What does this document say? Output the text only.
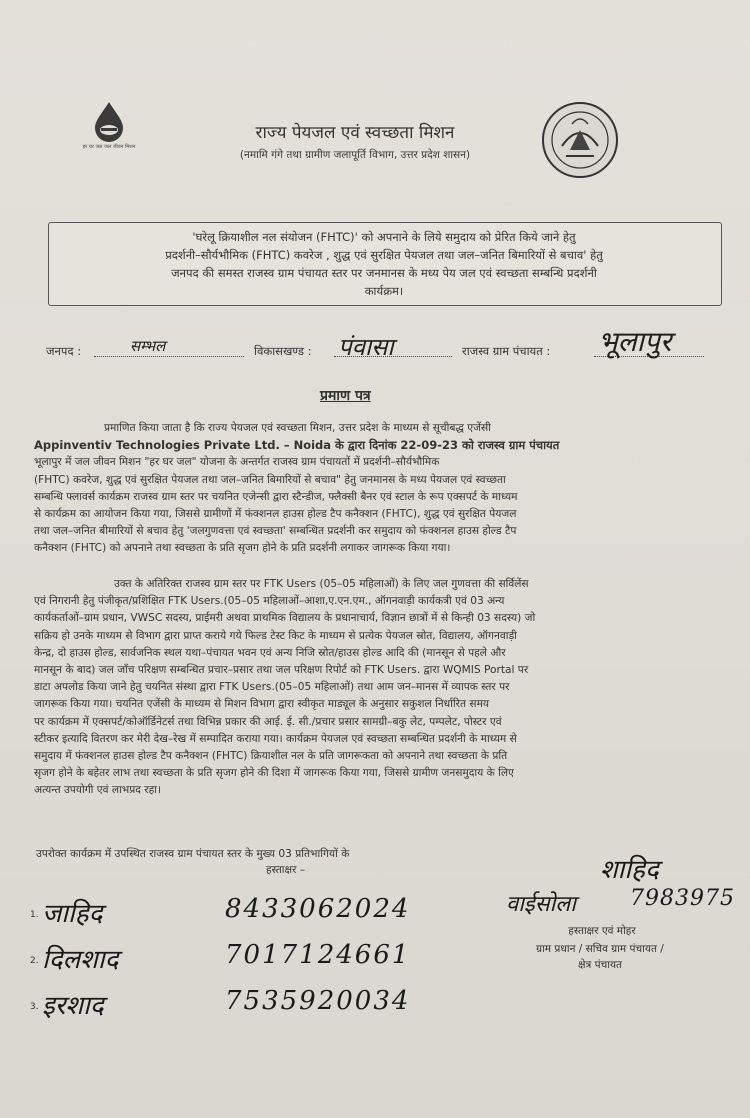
हर घर जल जल जीवन मिशन
राज्य पेयजल एवं स्वच्छता मिशन
(नमामि गंगे तथा ग्रामीण जलापूर्ति विभाग, उत्तर प्रदेश शासन)
'घरेलू क्रियाशील नल संयोजन (FHTC)' को अपनाने के लिये समुदाय को प्रेरित किये जाने हेतु
प्रदर्शनी–सौर्यभौमिक (FHTC) कवरेज , शुद्ध एवं सुरक्षित पेयजल तथा जल–जनित बिमारियों से बचाव' हेतु
जनपद की समस्त राजस्व ग्राम पंचायत स्तर पर जनमानस के मध्य पेय जल एवं स्वच्छता सम्बन्धि प्रदर्शनी
कार्यक्रम।
जनपद :	सम्भल	विकासखण्ड : पंवासा	राजस्व ग्राम पंचायत : भूलापुर
प्रमाण पत्र
प्रमाणित किया जाता है कि राज्य पेयजल एवं स्वच्छता मिशन, उत्तर प्रदेश के माध्यम से सूचीबद्ध एजेंसी
Appinventiv Technologies Private Ltd. – Noida के द्वारा दिनांक 22-09-23 को राजस्व ग्राम पंचायत
भूलापुर में जल जीवन मिशन "हर घर जल" योजना के अन्तर्गत राजस्व ग्राम पंचायतों में प्रदर्शनी–सौर्यभौमिक
(FHTC) कवरेज, शुद्ध एवं सुरक्षित पेयजल तथा जल–जनित बिमारियों से बचाव" हेतु जनमानस के मध्य पेयजल एवं स्वच्छता
सम्बन्धि फ्लावर्स कार्यक्रम राजस्व ग्राम स्तर पर चयनित एजेन्सी द्वारा स्टैन्डीज, फ्लैक्सी बैनर एवं स्टाल के रूप एक्सपर्ट के माध्यम
से कार्यक्रम का आयोजन किया गया, जिससे ग्रामीणों में फंक्शनल हाउस होल्ड टैप कनैक्शन (FHTC), शुद्ध एवं सुरक्षित पेयजल
तथा जल–जनित बीमारियों से बचाव हेतु 'जलगुणवत्ता एवं स्वच्छता' सम्बन्धित प्रदर्शनी कर समुदाय को फंक्शनल हाउस होल्ड टैप
कनैक्शन (FHTC) को अपनाने तथा स्वच्छता के प्रति सृजग होने के प्रति प्रदर्शनी लगाकर जागरूक किया गया।
उक्त के अतिरिक्त राजस्व ग्राम स्तर पर FTK Users (05–05 महिलाओं) के लिए जल गुणवत्ता की सर्विलेंस
एवं निगरानी हेतु पंजीकृत/प्रशिक्षित FTK Users.(05–05 महिलाओं–आशा,ए.एन.एम., ऑगनवाड़ी कार्यकत्री एवं 03 अन्य
कार्यकर्ताओं–ग्राम प्रधान, VWSC सदस्य, प्राईमरी अथवा प्राथमिक विद्यालय के प्रधानाचार्य, विज्ञान छात्रों में से किन्ही 03 सदस्य) जो
सक्रिय हो उनके माध्यम से विभाग द्वारा प्राप्त कराये गये फिल्ड टेस्ट किट के माध्यम से प्रत्येक पेयजल स्रोत, विद्यालय, ऑगनवाड़ी
केन्द्र, दो हाउस होल्ड, सार्वजनिक स्थल यथा–पंचायत भवन एवं अन्य निजि स्रोत/हाउस होल्ड आदि की (मानसून से पहले और
मानसून के बाद) जल जाँच परिक्षण सम्बन्धित प्रचार–प्रसार तथा जल परिक्षण रिपोर्ट को FTK Users. द्वारा WQMIS Portal पर
डाटा अपलोड किया जाने हेतु चयनित संस्था द्वारा FTK Users.(05–05 महिलाओं) तथा आम जन–मानस में व्यापक स्तर पर
जागरूक किया गया। चयनित एजेंसी के माध्यम से मिशन विभाग द्वारा स्वीकृत माड्यूल के अनुसार सकुशल निर्धारित समय
पर कार्यक्रम में एक्सपर्ट/कोऑर्डिनेटर्स तथा विभिन्न प्रकार की आई. ई. सी./प्रचार प्रसार सामग्री–बकु लेट, पम्पलेट, पोस्टर एवं
स्टीकर इत्यादि वितरण कर मेरी देख–रेख में सम्पादित कराया गया। कार्यक्रम पेयजल एवं स्वच्छता सम्बन्धित प्रदर्शनी के माध्यम से
समुदाय में फंक्शनल हाउस होल्ड टैप कनैक्शन (FHTC) क्रियाशील नल के प्रति जागरूकता को अपनाने तथा स्वच्छता के प्रति
सृजग होने के बहेतर लाभ तथा स्वच्छता के प्रति सृजग होने की दिशा में जागरूक किया गया, जिससे ग्रामीण जनसमुदाय के लिए
अत्यन्त उपयोगी एवं लाभप्रद रहा।
उपरोक्त कार्यक्रम में उपस्थित राजस्व ग्राम पंचायत स्तर के मुख्य 03 प्रतिभागियों के
हस्ताक्षर –
1. जाहिद	8433062024
2. दिलशाद	7017124661
3. इरशाद	7535920034
शाहिद
वाईसोला 7983975
हस्ताक्षर एवं मोहर
ग्राम प्रधान / सचिव ग्राम पंचायत /
क्षेत्र पंचायत
